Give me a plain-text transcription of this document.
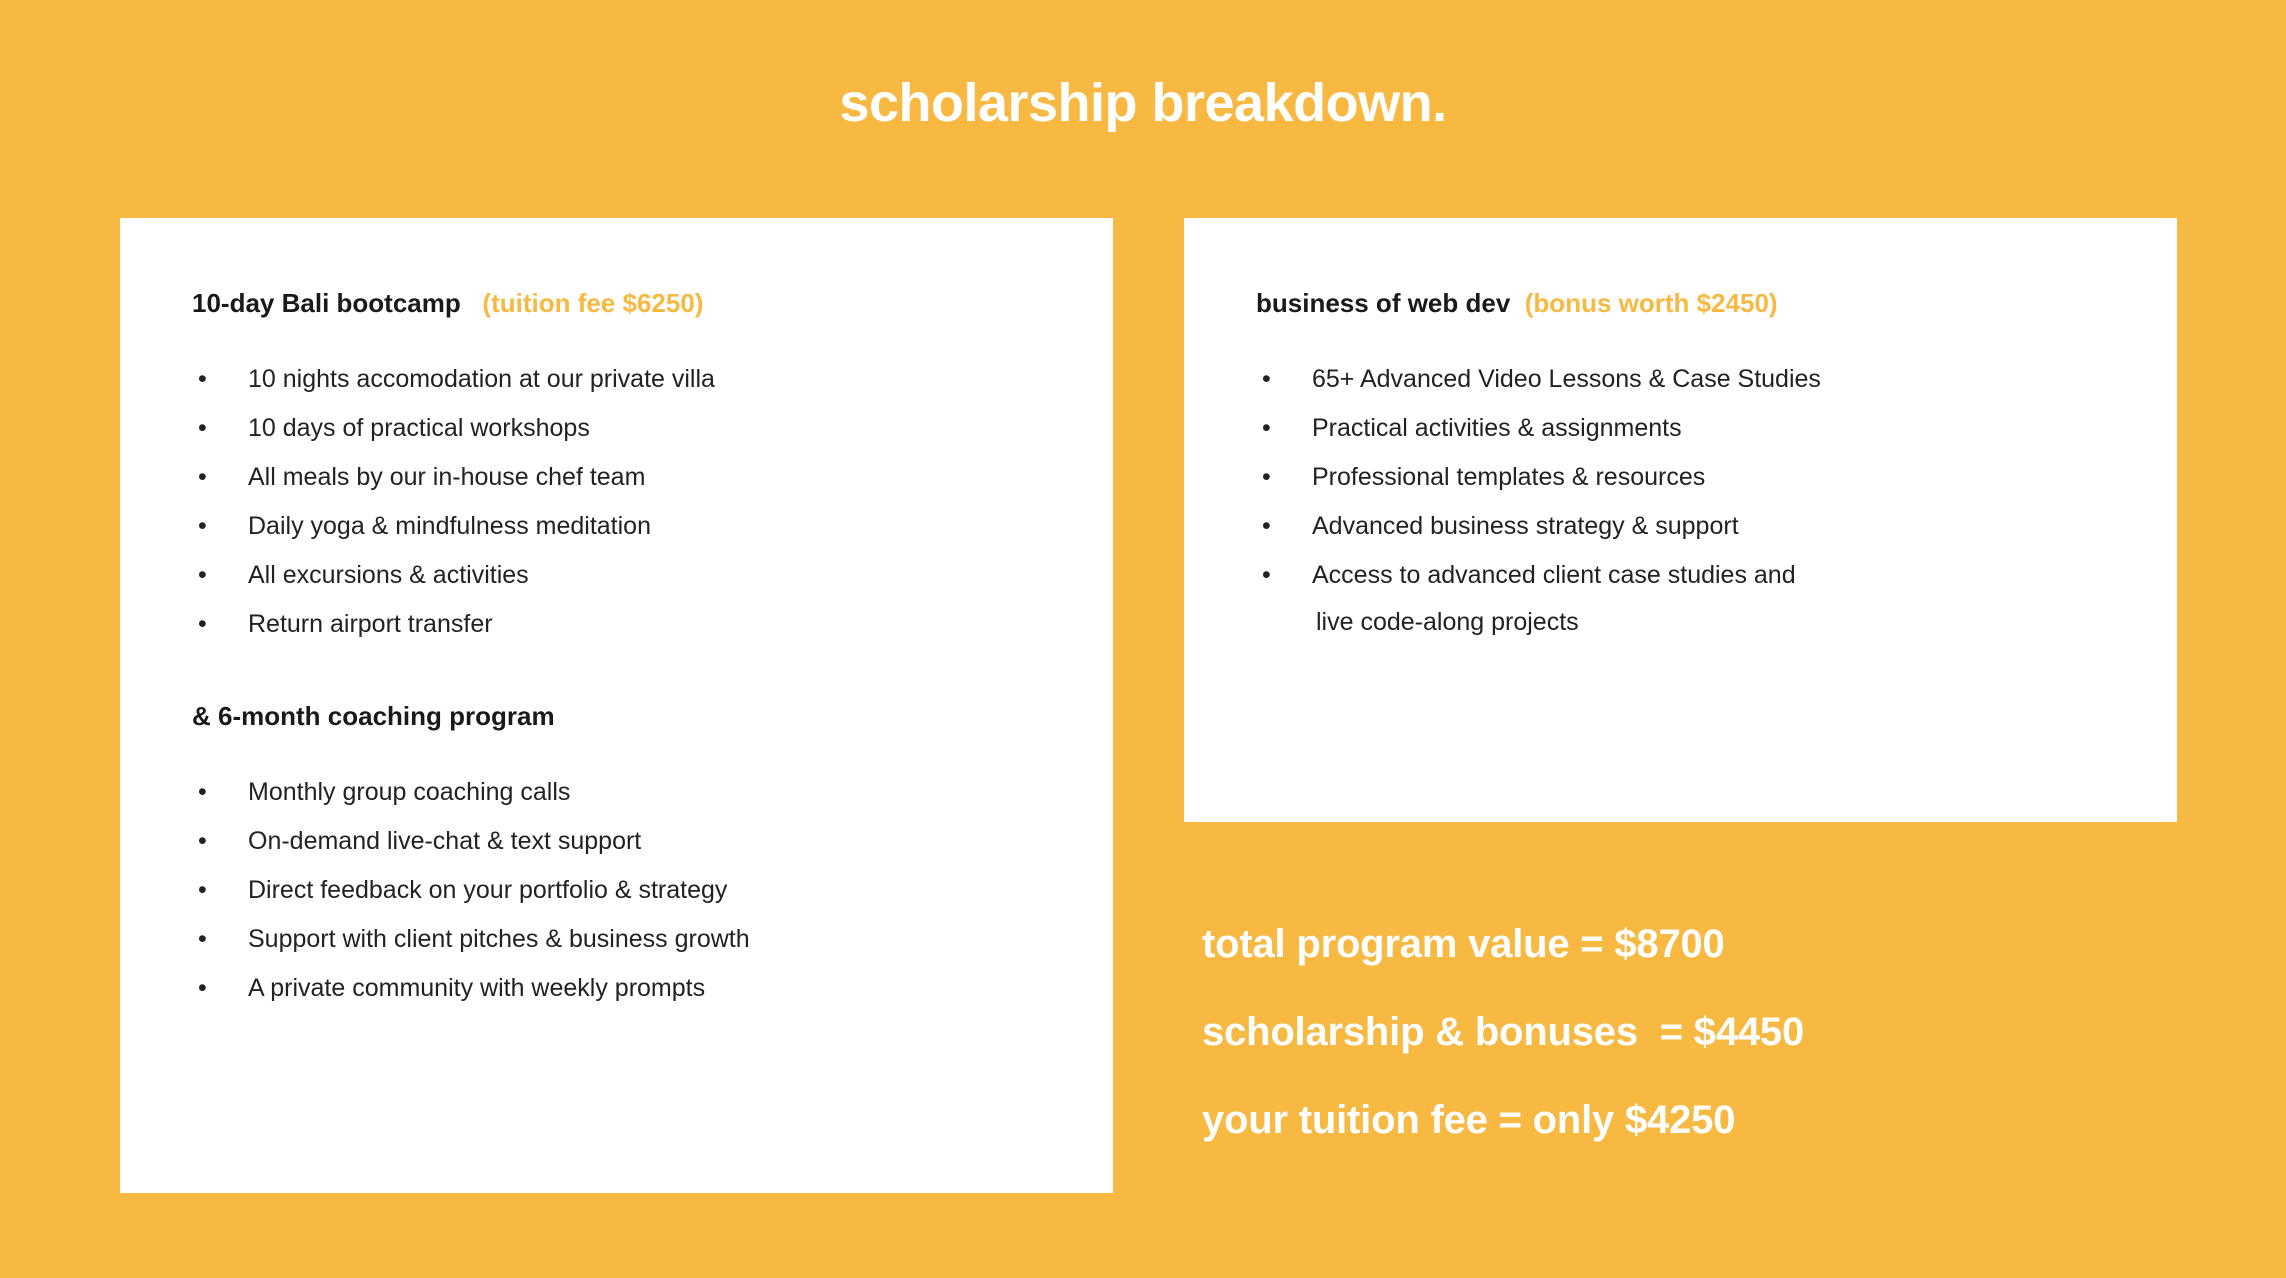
scholarship breakdown.
10-day Bali bootcamp (tuition fee $6250)
• 10 nights accomodation at our private villa
• 10 days of practical workshops
• All meals by our in-house chef team
• Daily yoga & mindfulness meditation
• All excursions & activities
• Return airport transfer
& 6-month coaching program
• Monthly group coaching calls
• On-demand live-chat & text support
• Direct feedback on your portfolio & strategy
• Support with client pitches & business growth
• A private community with weekly prompts
business of web dev (bonus worth $2450)
• 65+ Advanced Video Lessons & Case Studies
• Practical activities & assignments
• Professional templates & resources
• Advanced business strategy & support
• Access to advanced client case studies and
live code-along projects
total program value = $8700
scholarship & bonuses  = $4450
your tuition fee = only $4250
